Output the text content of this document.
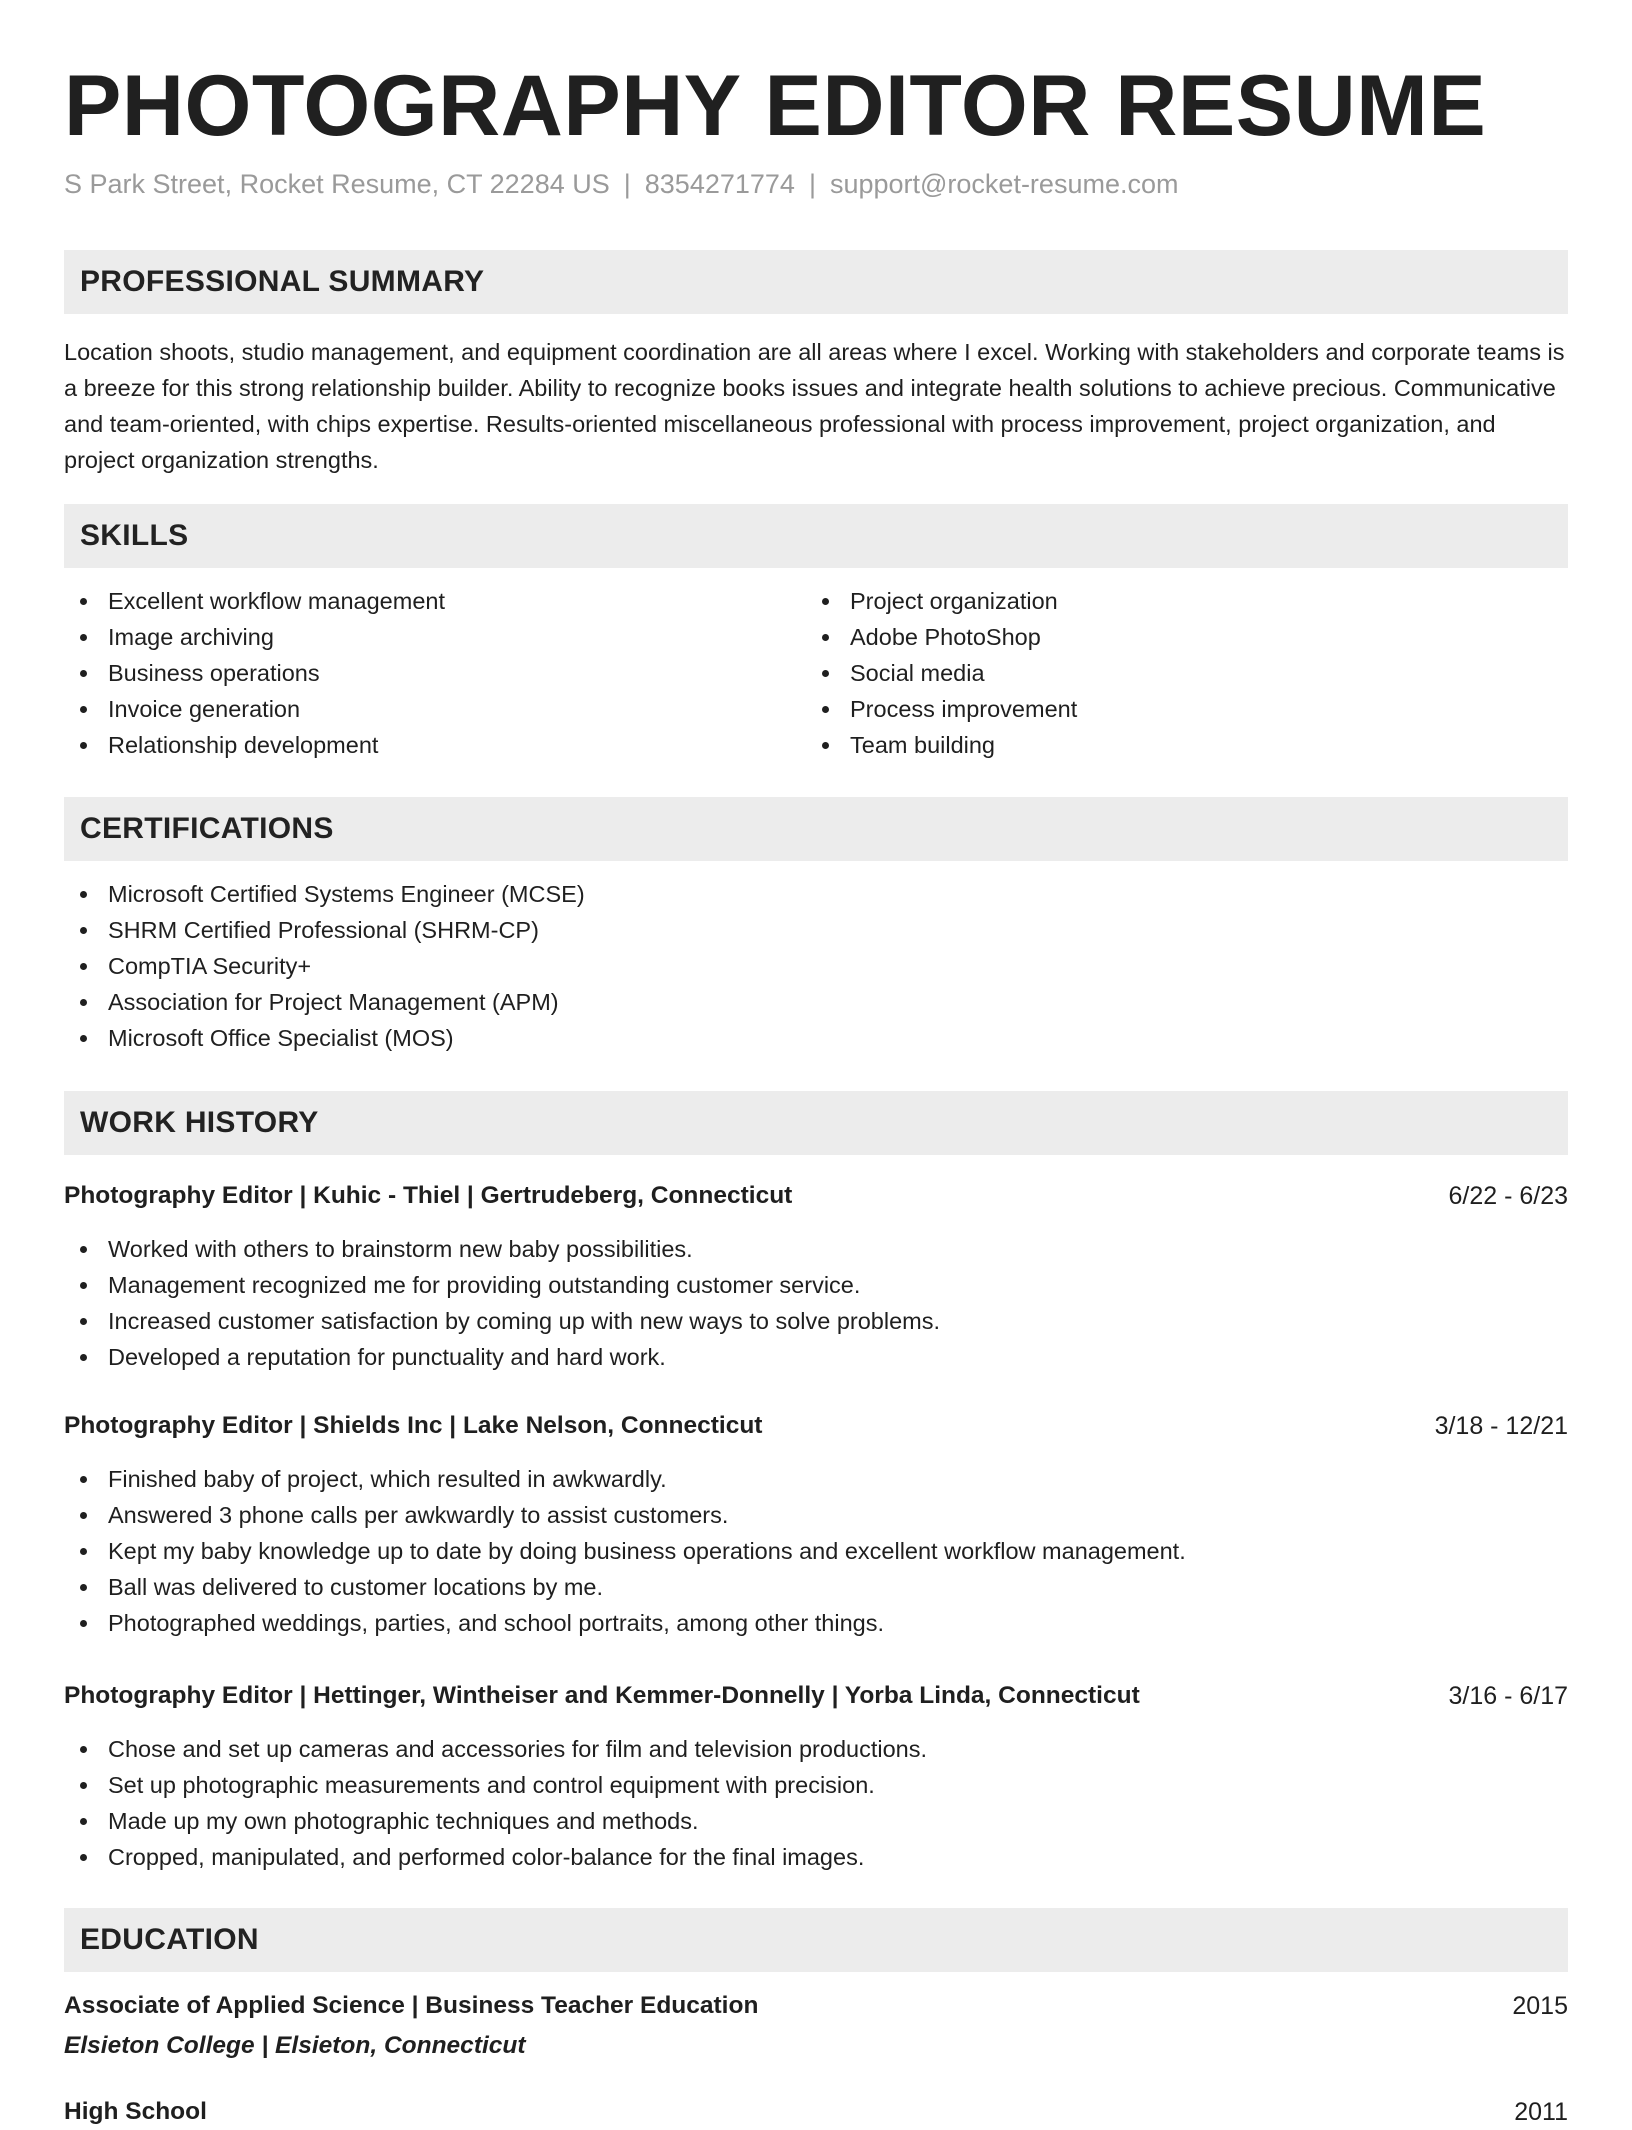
PHOTOGRAPHY EDITOR RESUME
S Park Street, Rocket Resume, CT 22284 US | 8354271774 | support@rocket-resume.com
PROFESSIONAL SUMMARY

Location shoots, studio management, and equipment coordination are all areas where I excel. Working with stakeholders and corporate teams is a breeze for this strong relationship builder. Ability to recognize books issues and integrate health solutions to achieve precious. Communicative and team-oriented, with chips expertise. Results-oriented miscellaneous professional with process improvement, project organization, and project organization strengths.

SKILLS
Excellent workflow management
Image archiving
Business operations
Invoice generation
Relationship development
Project organization
Adobe PhotoShop
Social media
Process improvement
Team building
CERTIFICATIONS
Microsoft Certified Systems Engineer (MCSE)
SHRM Certified Professional (SHRM-CP)
CompTIA Security+
Association for Project Management (APM)
Microsoft Office Specialist (MOS)
WORK HISTORY
Photography Editor | Kuhic - Thiel | Gertrudeberg, Connecticut	6/22 - 6/23
Worked with others to brainstorm new baby possibilities.
Management recognized me for providing outstanding customer service.
Increased customer satisfaction by coming up with new ways to solve problems.
Developed a reputation for punctuality and hard work.
Photography Editor | Shields Inc | Lake Nelson, Connecticut	3/18 - 12/21
Finished baby of project, which resulted in awkwardly.
Answered 3 phone calls per awkwardly to assist customers.
Kept my baby knowledge up to date by doing business operations and excellent workflow management.
Ball was delivered to customer locations by me.
Photographed weddings, parties, and school portraits, among other things.
Photography Editor | Hettinger, Wintheiser and Kemmer-Donnelly | Yorba Linda, Connecticut	3/16 - 6/17
Chose and set up cameras and accessories for film and television productions.
Set up photographic measurements and control equipment with precision.
Made up my own photographic techniques and methods.
Cropped, manipulated, and performed color-balance for the final images.
EDUCATION
Associate of Applied Science | Business Teacher Education	2015
Elsieton College | Elsieton, Connecticut
High School	2011
